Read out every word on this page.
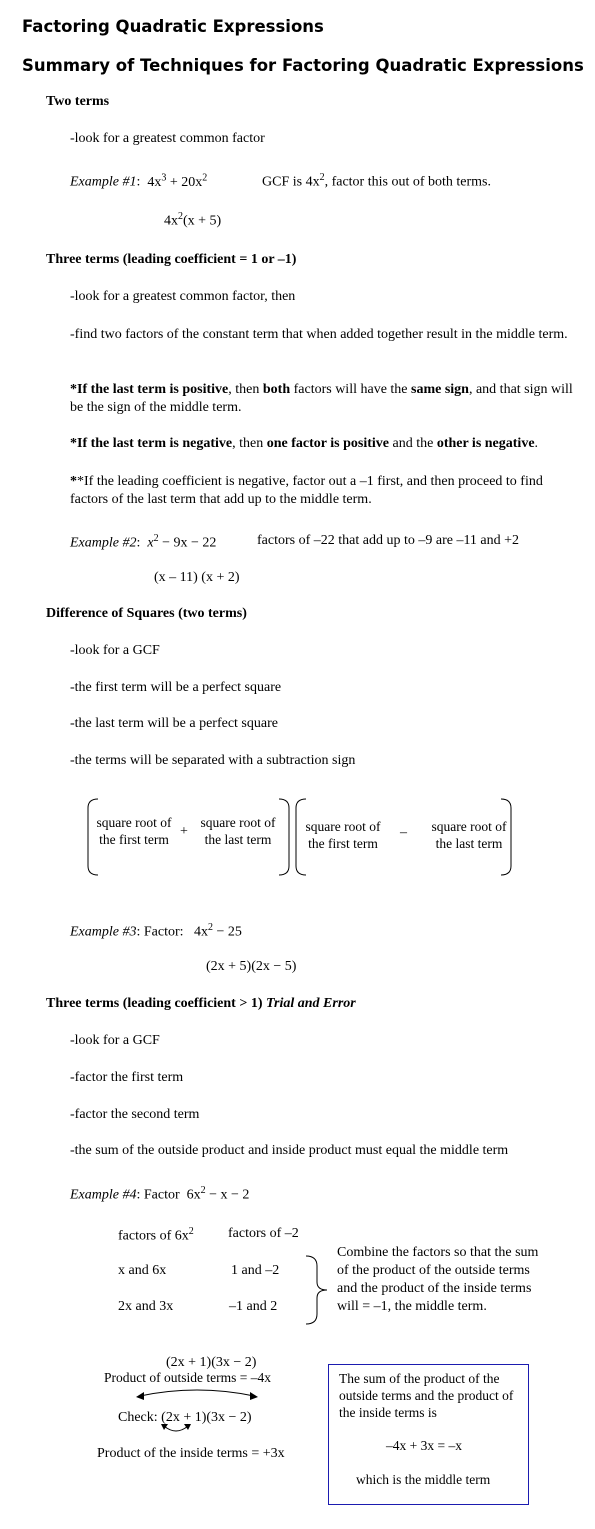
Factoring Quadratic Expressions
Summary of Techniques for Factoring Quadratic Expressions
Two terms
-look for a greatest common factor
Example #1:  $4x^3 + 20x^2$	GCF is $4x^2$, factor this out of both terms.
$4x^2(x + 5)$
Three terms (leading coefficient = 1 or –1)
-look for a greatest common factor, then
-find two factors of the constant term that when added together result in the middle term.
*If the last term is positive, then both factors will have the same sign, and that sign will be the sign of the middle term.
*If the last term is negative, then one factor is positive and the other is negative.
**If the leading coefficient is negative, factor out a –1 first, and then proceed to find factors of the last term that add up to the middle term.
Example #2:  $x^2 - 9x - 22$	factors of –22 that add up to –9 are –11 and +2
(x – 11) (x + 2)
Difference of Squares (two terms)
-look for a GCF
-the first term will be a perfect square
-the last term will be a perfect square
-the terms will be separated with a subtraction sign
square root of the first term
+
square root of the last term
square root of the first term
– square root of the last term
Example #3: Factor: $4x^2 - 25$
(2x + 5)(2x − 5)
Three terms (leading coefficient > 1) Trial and Error
-look for a GCF
-factor the first term
-factor the second term
-the sum of the outside product and inside product must equal the middle term
Example #4: Factor $6x^2 - x - 2$
factors of $6x^2$ factors of –2
x and 6x	1 and –2
2x and 3x	–1 and 2
Combine the factors so that the sum of the product of the outside terms and the product of the inside terms will = –1, the middle term.
(2x + 1)(3x − 2)
Product of outside terms = –4x
Check: (2x + 1)(3x − 2)
Product of the inside terms = +3x
The sum of the product of the outside terms and the product of the inside terms is
–4x + 3x = –x
which is the middle term
